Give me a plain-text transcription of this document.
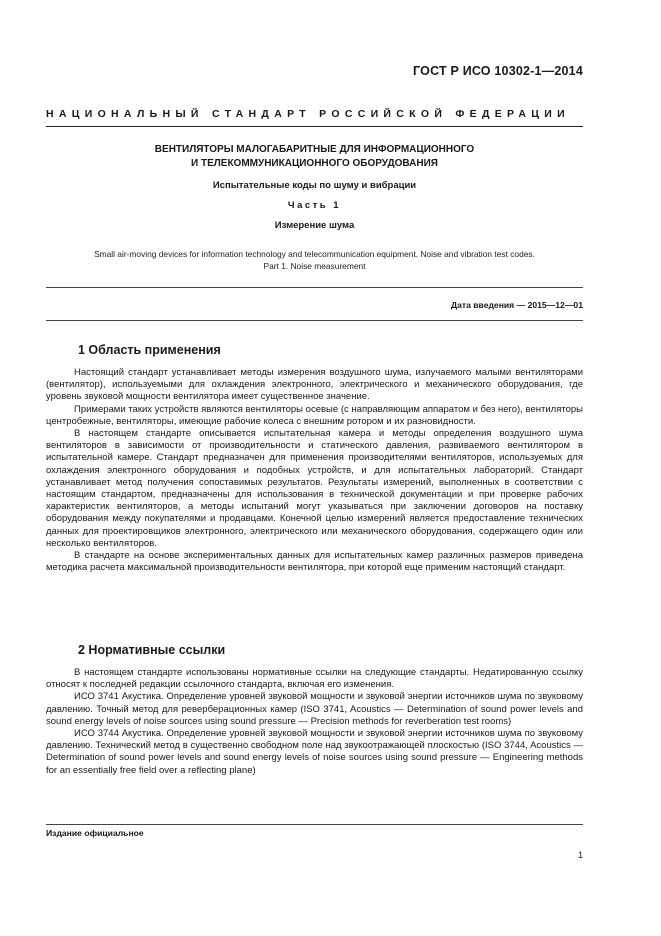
ГОСТ Р ИСО 10302-1—2014
НАЦИОНАЛЬНЫЙ СТАНДАРТ РОССИЙСКОЙ ФЕДЕРАЦИИ
ВЕНТИЛЯТОРЫ МАЛОГАБАРИТНЫЕ ДЛЯ ИНФОРМАЦИОННОГО
И ТЕЛЕКОММУНИКАЦИОННОГО ОБОРУДОВАНИЯ
Испытательные коды по шуму и вибрации
Часть 1
Измерение шума
Small air-moving devices for information technology and telecommunication equipment. Noise and vibration test codes.
Part 1. Noise measurement
Дата введения — 2015—12—01
1 Область применения

Настоящий стандарт устанавливает методы измерения воздушного шума, излучаемого малыми вентиляторами (вентилятор), используемыми для охлаждения электронного, электрического и механического оборудования, где уровень звуковой мощности вентилятора имеет существенное значение.

Примерами таких устройств являются вентиляторы осевые (с направляющим аппаратом и без него), вентиляторы центробежные, вентиляторы, имеющие рабочие колеса с внешним ротором и их разновидности.

В настоящем стандарте описывается испытательная камера и методы определения воздушного шума вентиляторов в зависимости от производительности и статического давления, развиваемого вентилятором в испытательной камере. Стандарт предназначен для применения производителями вентиляторов, используемых для охлаждения электронного оборудования и подобных устройств, и для испытательных лабораторий. Стандарт устанавливает метод получения сопоставимых результатов. Результаты измерений, выполненных в соответствии с настоящим стандартом, предназначены для использования в технической документации и при проверке рабочих характеристик вентиляторов, а методы испытаний могут указываться при заключении договоров на поставку оборудования между покупателями и продавцами. Конечной целью измерений является предоставление технических данных для проектировщиков электронного, электрического или механического оборудования, содержащего один или несколько вентиляторов.

В стандарте на основе экспериментальных данных для испытательных камер различных размеров приведена методика расчета максимальной производительности вентилятора, при которой еще применим настоящий стандарт.

2 Нормативные ссылки

В настоящем стандарте использованы нормативные ссылки на следующие стандарты. Недатированную ссылку относят к последней редакции ссылочного стандарта, включая его изменения.

ИСО 3741 Акустика. Определение уровней звуковой мощности и звуковой энергии источников шума по звуковому давлению. Точный метод для реверберационных камер (ISO 3741, Acoustics — Determination of sound power levels and sound energy levels of noise sources using sound pressure — Precision methods for reverberation test rooms)

ИСО 3744 Акустика. Определение уровней звуковой мощности и звуковой энергии источников шума по звуковому давлению. Технический метод в существенно свободном поле над звукоотражающей плоскостью (ISO 3744, Acoustics — Determination of sound power levels and sound energy levels of noise sources using sound pressure — Engineering methods for an essentially free field over a reflecting plane)

Издание официальное
1
